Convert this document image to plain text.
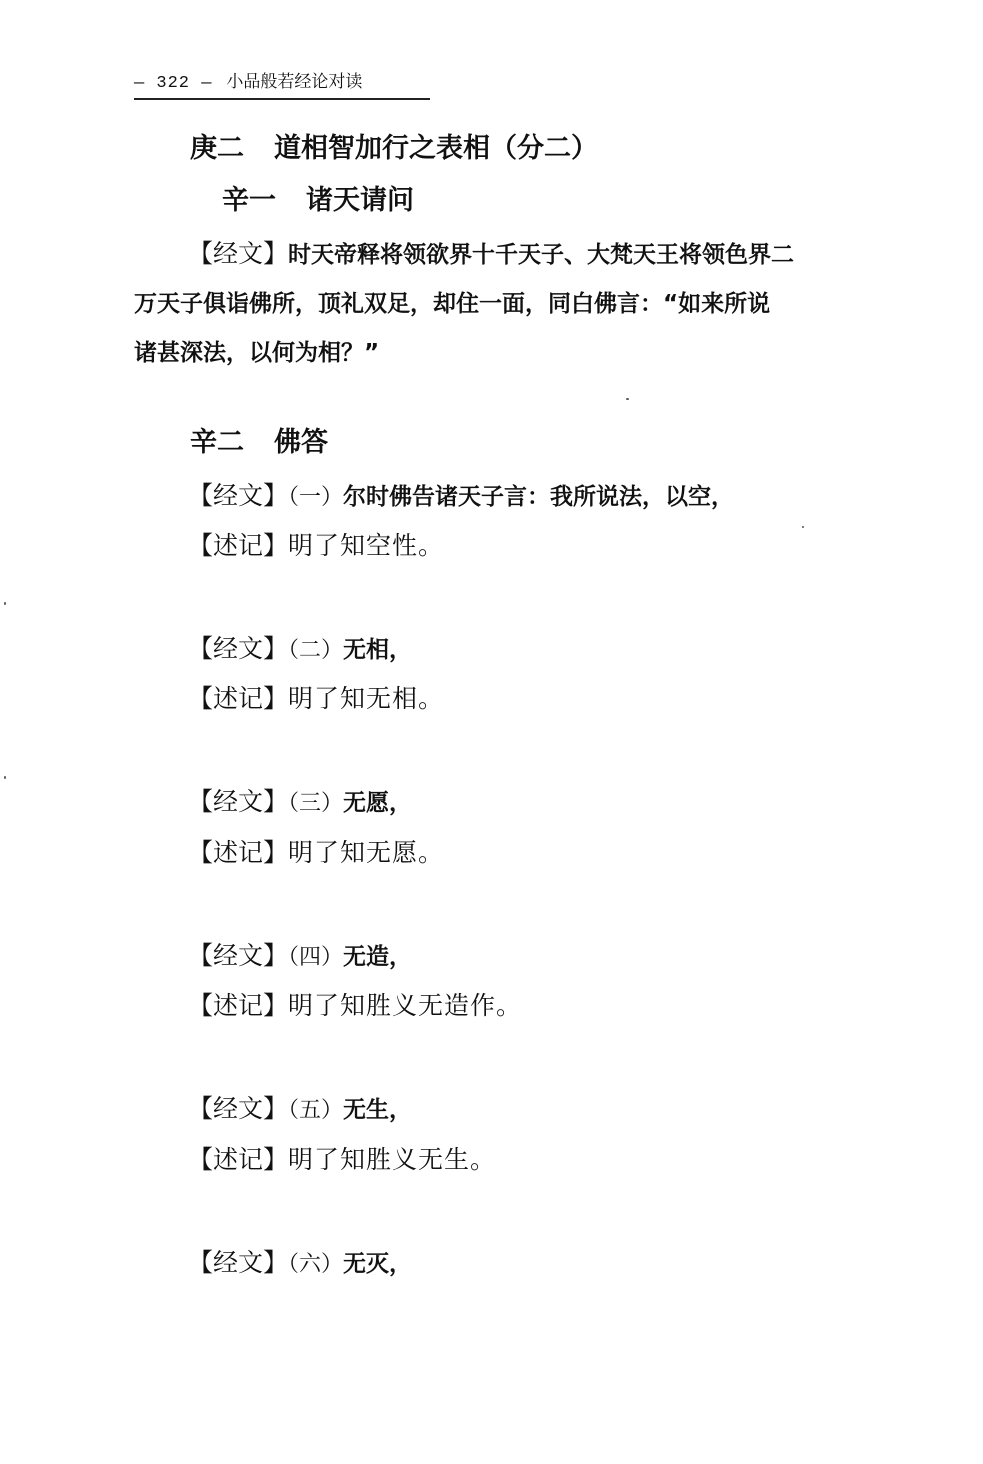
— 322 — 小品般若经论对读
庚二 道相智加行之表相（分二）
辛一 诸天请问
【经文】时天帝释将领欲界十千天子、大梵天王将领色界二
万天子俱诣佛所，顶礼双足，却住一面，同白佛言：“如来所说
诸甚深法，以何为相？”
辛二 佛答
【经文】（一）尔时佛告诸天子言：我所说法，以空，
【述记】明了知空性。
【经文】（二）无相，
【述记】明了知无相。
【经文】（三）无愿，
【述记】明了知无愿。
【经文】（四）无造，
【述记】明了知胜义无造作。
【经文】（五）无生，
【述记】明了知胜义无生。
【经文】（六）无灭，
